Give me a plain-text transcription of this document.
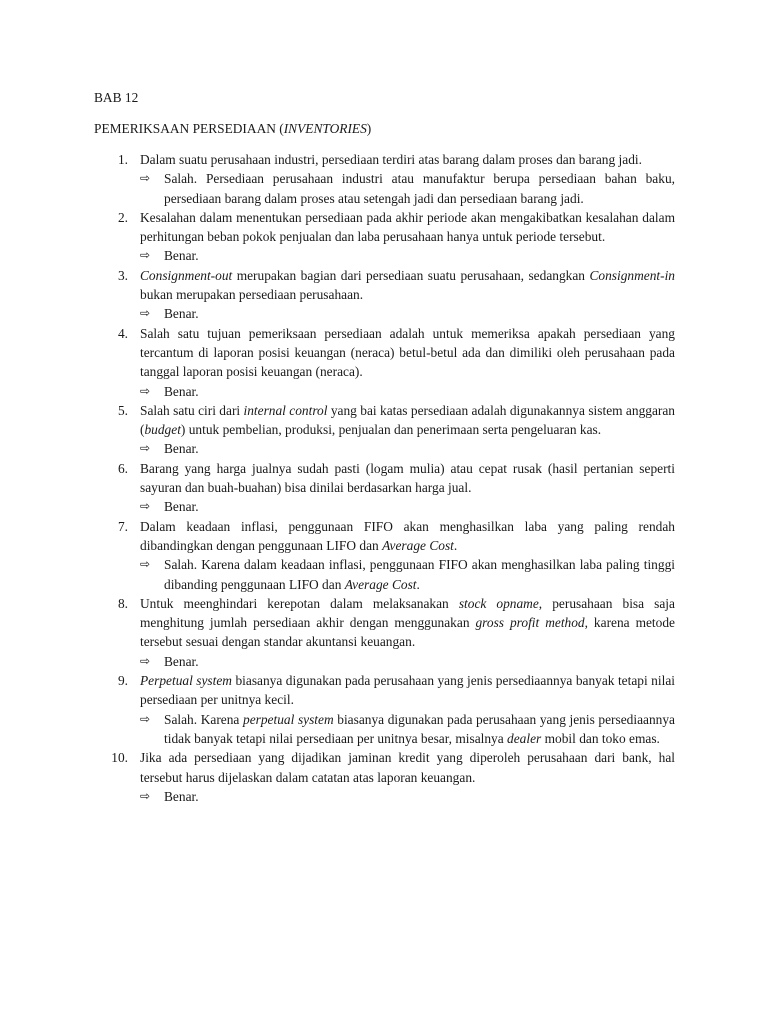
BAB 12
PEMERIKSAAN PERSEDIAAN (INVENTORIES)
1. Dalam suatu perusahaan industri, persediaan terdiri atas barang dalam proses dan barang jadi.
⇨ Salah. Persediaan perusahaan industri atau manufaktur berupa persediaan bahan baku, persediaan barang dalam proses atau setengah jadi dan persediaan barang jadi.
2. Kesalahan dalam menentukan persediaan pada akhir periode akan mengakibatkan kesalahan dalam perhitungan beban pokok penjualan dan laba perusahaan hanya untuk periode tersebut.
⇨ Benar.
3. Consignment-out merupakan bagian dari persediaan suatu perusahaan, sedangkan Consignment-in bukan merupakan persediaan perusahaan.
⇨ Benar.
4. Salah satu tujuan pemeriksaan persediaan adalah untuk memeriksa apakah persediaan yang tercantum di laporan posisi keuangan (neraca) betul-betul ada dan dimiliki oleh perusahaan pada tanggal laporan posisi keuangan (neraca).
⇨ Benar.
5. Salah satu ciri dari internal control yang bai katas persediaan adalah digunakannya sistem anggaran (budget) untuk pembelian, produksi, penjualan dan penerimaan serta pengeluaran kas.
⇨ Benar.
6. Barang yang harga jualnya sudah pasti (logam mulia) atau cepat rusak (hasil pertanian seperti sayuran dan buah-buahan) bisa dinilai berdasarkan harga jual.
⇨ Benar.
7. Dalam keadaan inflasi, penggunaan FIFO akan menghasilkan laba yang paling rendah dibandingkan dengan penggunaan LIFO dan Average Cost.
⇨ Salah. Karena dalam keadaan inflasi, penggunaan FIFO akan menghasilkan laba paling tinggi dibanding penggunaan LIFO dan Average Cost.
8. Untuk meenghindari kerepotan dalam melaksanakan stock opname, perusahaan bisa saja menghitung jumlah persediaan akhir dengan menggunakan gross profit method, karena metode tersebut sesuai dengan standar akuntansi keuangan.
⇨ Benar.
9. Perpetual system biasanya digunakan pada perusahaan yang jenis persediaannya banyak tetapi nilai persediaan per unitnya kecil.
⇨ Salah. Karena perpetual system biasanya digunakan pada perusahaan yang jenis persediaannya tidak banyak tetapi nilai persediaan per unitnya besar, misalnya dealer mobil dan toko emas.
10. Jika ada persediaan yang dijadikan jaminan kredit yang diperoleh perusahaan dari bank, hal tersebut harus dijelaskan dalam catatan atas laporan keuangan.
⇨ Benar.
